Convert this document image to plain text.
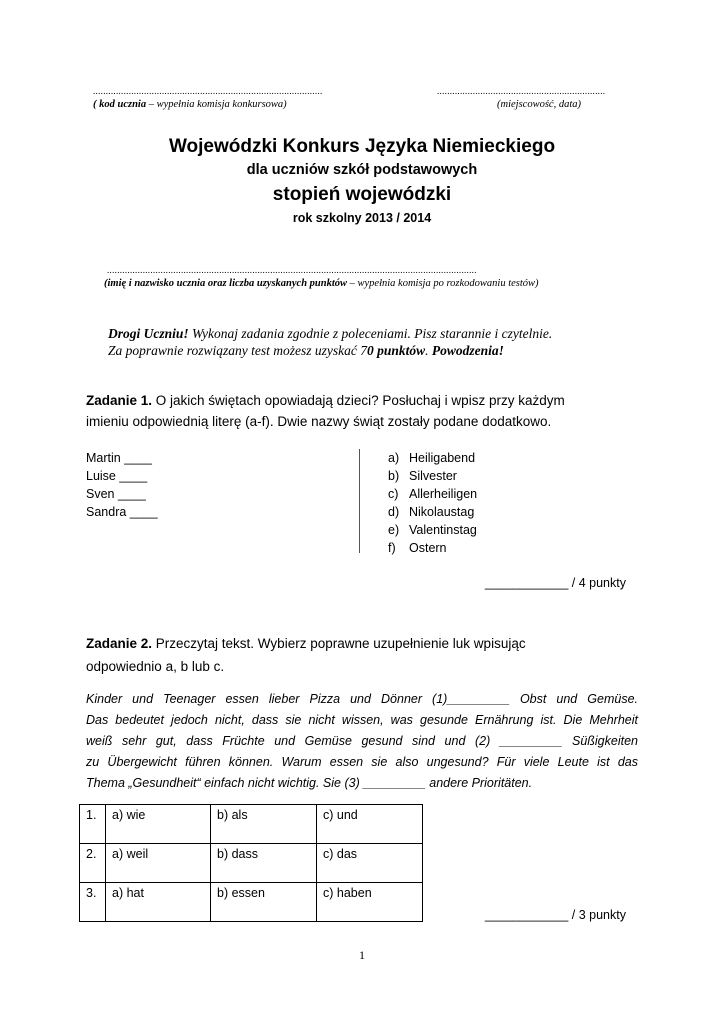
..........................................................................................
( kod ucznia – wypełnia komisja konkursowa)
..................................................................
(miejscowość, data)
Wojewódzki Konkurs Języka Niemieckiego
dla uczniów szkół podstawowych
stopień wojewódzki
rok szkolny 2013 / 2014
.................................................................................................................................................
(imię i nazwisko ucznia oraz liczba uzyskanych punktów – wypełnia komisja po rozkodowaniu testów)
Drogi Uczniu! Wykonaj zadania zgodnie z poleceniami. Pisz starannie i czytelnie.
Za poprawnie rozwiązany test możesz uzyskać 70 punktów. Powodzenia!
Zadanie 1. O jakich świętach opowiadają dzieci? Posłuchaj i wpisz przy każdym
imieniu odpowiednią literę (a-f). Dwie nazwy świąt zostały podane dodatkowo.
Martin ____
Luise ____
Sven ____
Sandra ____
a) Heiligabend
b) Silvester
c) Allerheiligen
d) Nikolaustag
e) Valentinstag
f) Ostern
____________ / 4 punkty
Zadanie 2. Przeczytaj tekst. Wybierz poprawne uzupełnienie luk wpisując
odpowiednio a, b lub c.
Kinder und Teenager essen lieber Pizza und Dönner (1)_________ Obst und Gemüse.
Das bedeutet jedoch nicht, dass sie nicht wissen, was gesunde Ernährung ist. Die Mehrheit
weiß sehr gut, dass Früchte und Gemüse gesund sind und (2) _________ Süßigkeiten
zu Übergewicht führen können. Warum essen sie also ungesund? Für viele Leute ist das
Thema „Gesundheit“ einfach nicht wichtig. Sie (3) _________ andere Prioritäten.
1.	a) wie	b) als	c) und
2.	a) weil	b) dass	c) das
3.	a) hat	b) essen	c) haben
____________ / 3 punkty
1
